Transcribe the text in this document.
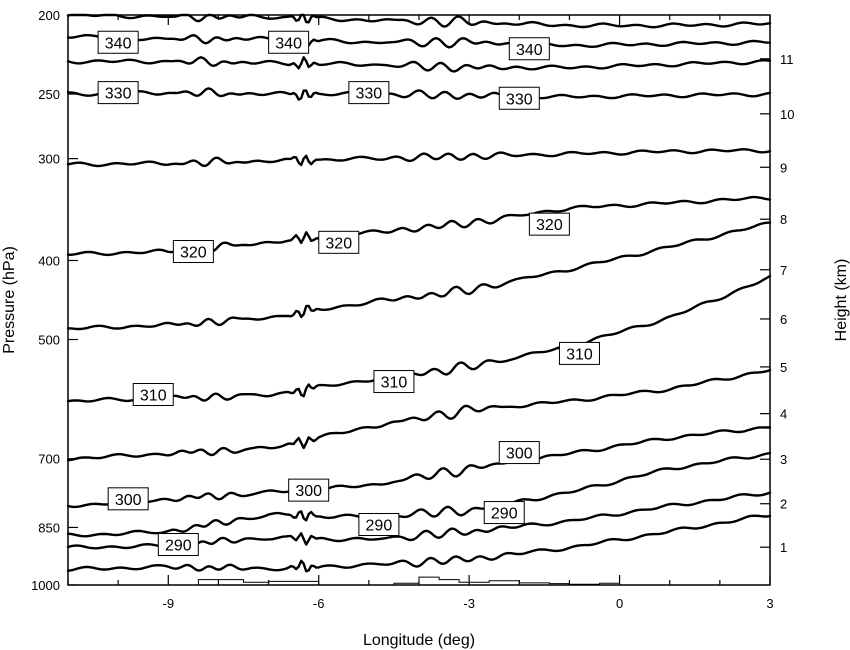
340	340	340
330	330	330
320
320
320
310
310
310
300
300
300
290
290
290
-9	-6	-3	0	3
200
250
300
400
500
700
850
1000
1
2
3
4
5
6
7
8
9
10
11
Longitude (deg)
Pressure (hPa)	Height (km)
